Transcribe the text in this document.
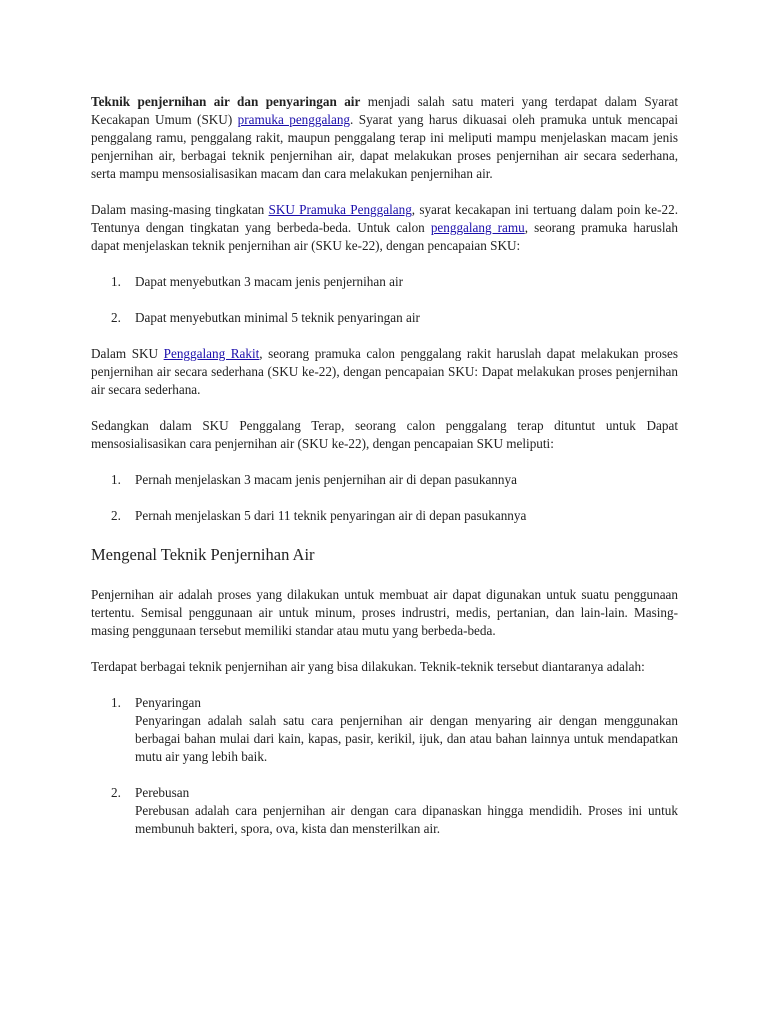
Teknik penjernihan air dan penyaringan air menjadi salah satu materi yang terdapat dalam Syarat Kecakapan Umum (SKU) pramuka penggalang. Syarat yang harus dikuasai oleh pramuka untuk mencapai penggalang ramu, penggalang rakit, maupun penggalang terap ini meliputi mampu menjelaskan macam jenis penjernihan air, berbagai teknik penjernihan air, dapat melakukan proses penjernihan air secara sederhana, serta mampu mensosialisasikan macam dan cara melakukan penjernihan air.

Dalam masing-masing tingkatan SKU Pramuka Penggalang, syarat kecakapan ini tertuang dalam poin ke-22. Tentunya dengan tingkatan yang berbeda-beda. Untuk calon penggalang ramu, seorang pramuka haruslah dapat menjelaskan teknik penjernihan air (SKU ke-22), dengan pencapaian SKU:

1. Dapat menyebutkan 3 macam jenis penjernihan air
2. Dapat menyebutkan minimal 5 teknik penyaringan air

Dalam SKU Penggalang Rakit, seorang pramuka calon penggalang rakit haruslah dapat melakukan proses penjernihan air secara sederhana (SKU ke-22), dengan pencapaian SKU: Dapat melakukan proses penjernihan air secara sederhana.

Sedangkan dalam SKU Penggalang Terap, seorang calon penggalang terap dituntut untuk Dapat mensosialisasikan cara penjernihan air (SKU ke-22), dengan pencapaian SKU meliputi:

1. Pernah menjelaskan 3 macam jenis penjernihan air di depan pasukannya
2. Pernah menjelaskan 5 dari 11 teknik penyaringan air di depan pasukannya
Mengenal Teknik Penjernihan Air

Penjernihan air adalah proses yang dilakukan untuk membuat air dapat digunakan untuk suatu penggunaan tertentu. Semisal penggunaan air untuk minum, proses indrustri, medis, pertanian, dan lain-lain. Masing-masing penggunaan tersebut memiliki standar atau mutu yang berbeda-beda.

Terdapat berbagai teknik penjernihan air yang bisa dilakukan. Teknik-teknik tersebut diantaranya adalah:

1. Penyaringan
Penyaringan adalah salah satu cara penjernihan air dengan menyaring air dengan menggunakan berbagai bahan mulai dari kain, kapas, pasir, kerikil, ijuk, dan atau bahan lainnya untuk mendapatkan mutu air yang lebih baik.
2. Perebusan
Perebusan adalah cara penjernihan air dengan cara dipanaskan hingga mendidih. Proses ini untuk membunuh bakteri, spora, ova, kista dan mensterilkan air.
